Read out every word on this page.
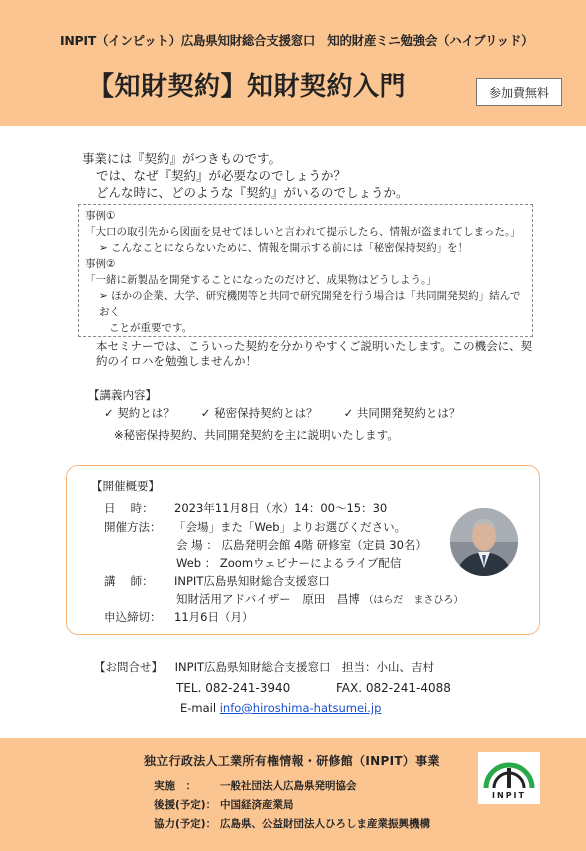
INPIT（インピット）広島県知財総合支援窓口　知的財産ミニ勉強会（ハイブリッド）
【知財契約】知財契約入門	参加費無料
事業には『契約』がつきものです。
では、なぜ『契約』が必要なのでしょうか？
どんな時に、どのような『契約』がいるのでしょうか。
事例①
「大口の取引先から図面を見せてほしいと言われて提示したら、情報が盗まれてしまった。」
➢ こんなことにならないために、情報を開示する前には「秘密保持契約」を！
事例②
「一緒に新製品を開発することになったのだけど、成果物はどうしよう。」
➢ ほかの企業、大学、研究機関等と共同で研究開発を行う場合は「共同開発契約」結んでおく
ことが重要です。
本セミナーでは、こういった契約を分かりやすくご説明いたします。この機会に、契約のイロハを勉強しませんか！
【講義内容】
✓ 契約とは？ ✓ 秘密保持契約とは？ ✓ 共同開発契約とは？
※秘密保持契約、共同開発契約を主に説明いたします。
【開催概要】
日　 時： 2023年11月8日（水）14：00～15：30
開催方法： 「会場」また「Web」よりお選びください。
会 場 ： 広島発明会館 4階 研修室（定員 30名）
Web ： Zoomウェビナーによるライブ配信
講　 師： INPIT広島県知財総合支援窓口
知財活用アドバイザー　原田　昌博 （はらだ　まさひろ）
申込締切： 11月6日（月）
【お問合せ】 INPIT広島県知財総合支援窓口　担当：小山、吉村
TEL. 082-241-3940	FAX. 082-241-4088
E-mail info@hiroshima-hatsumei.jp
独立行政法人工業所有権情報・研修館（INPIT）事業
実施　： 一般社団法人広島県発明協会
後援(予定)： 中国経済産業局
協力(予定)： 広島県、公益財団法人ひろしま産業振興機構
INPIT
